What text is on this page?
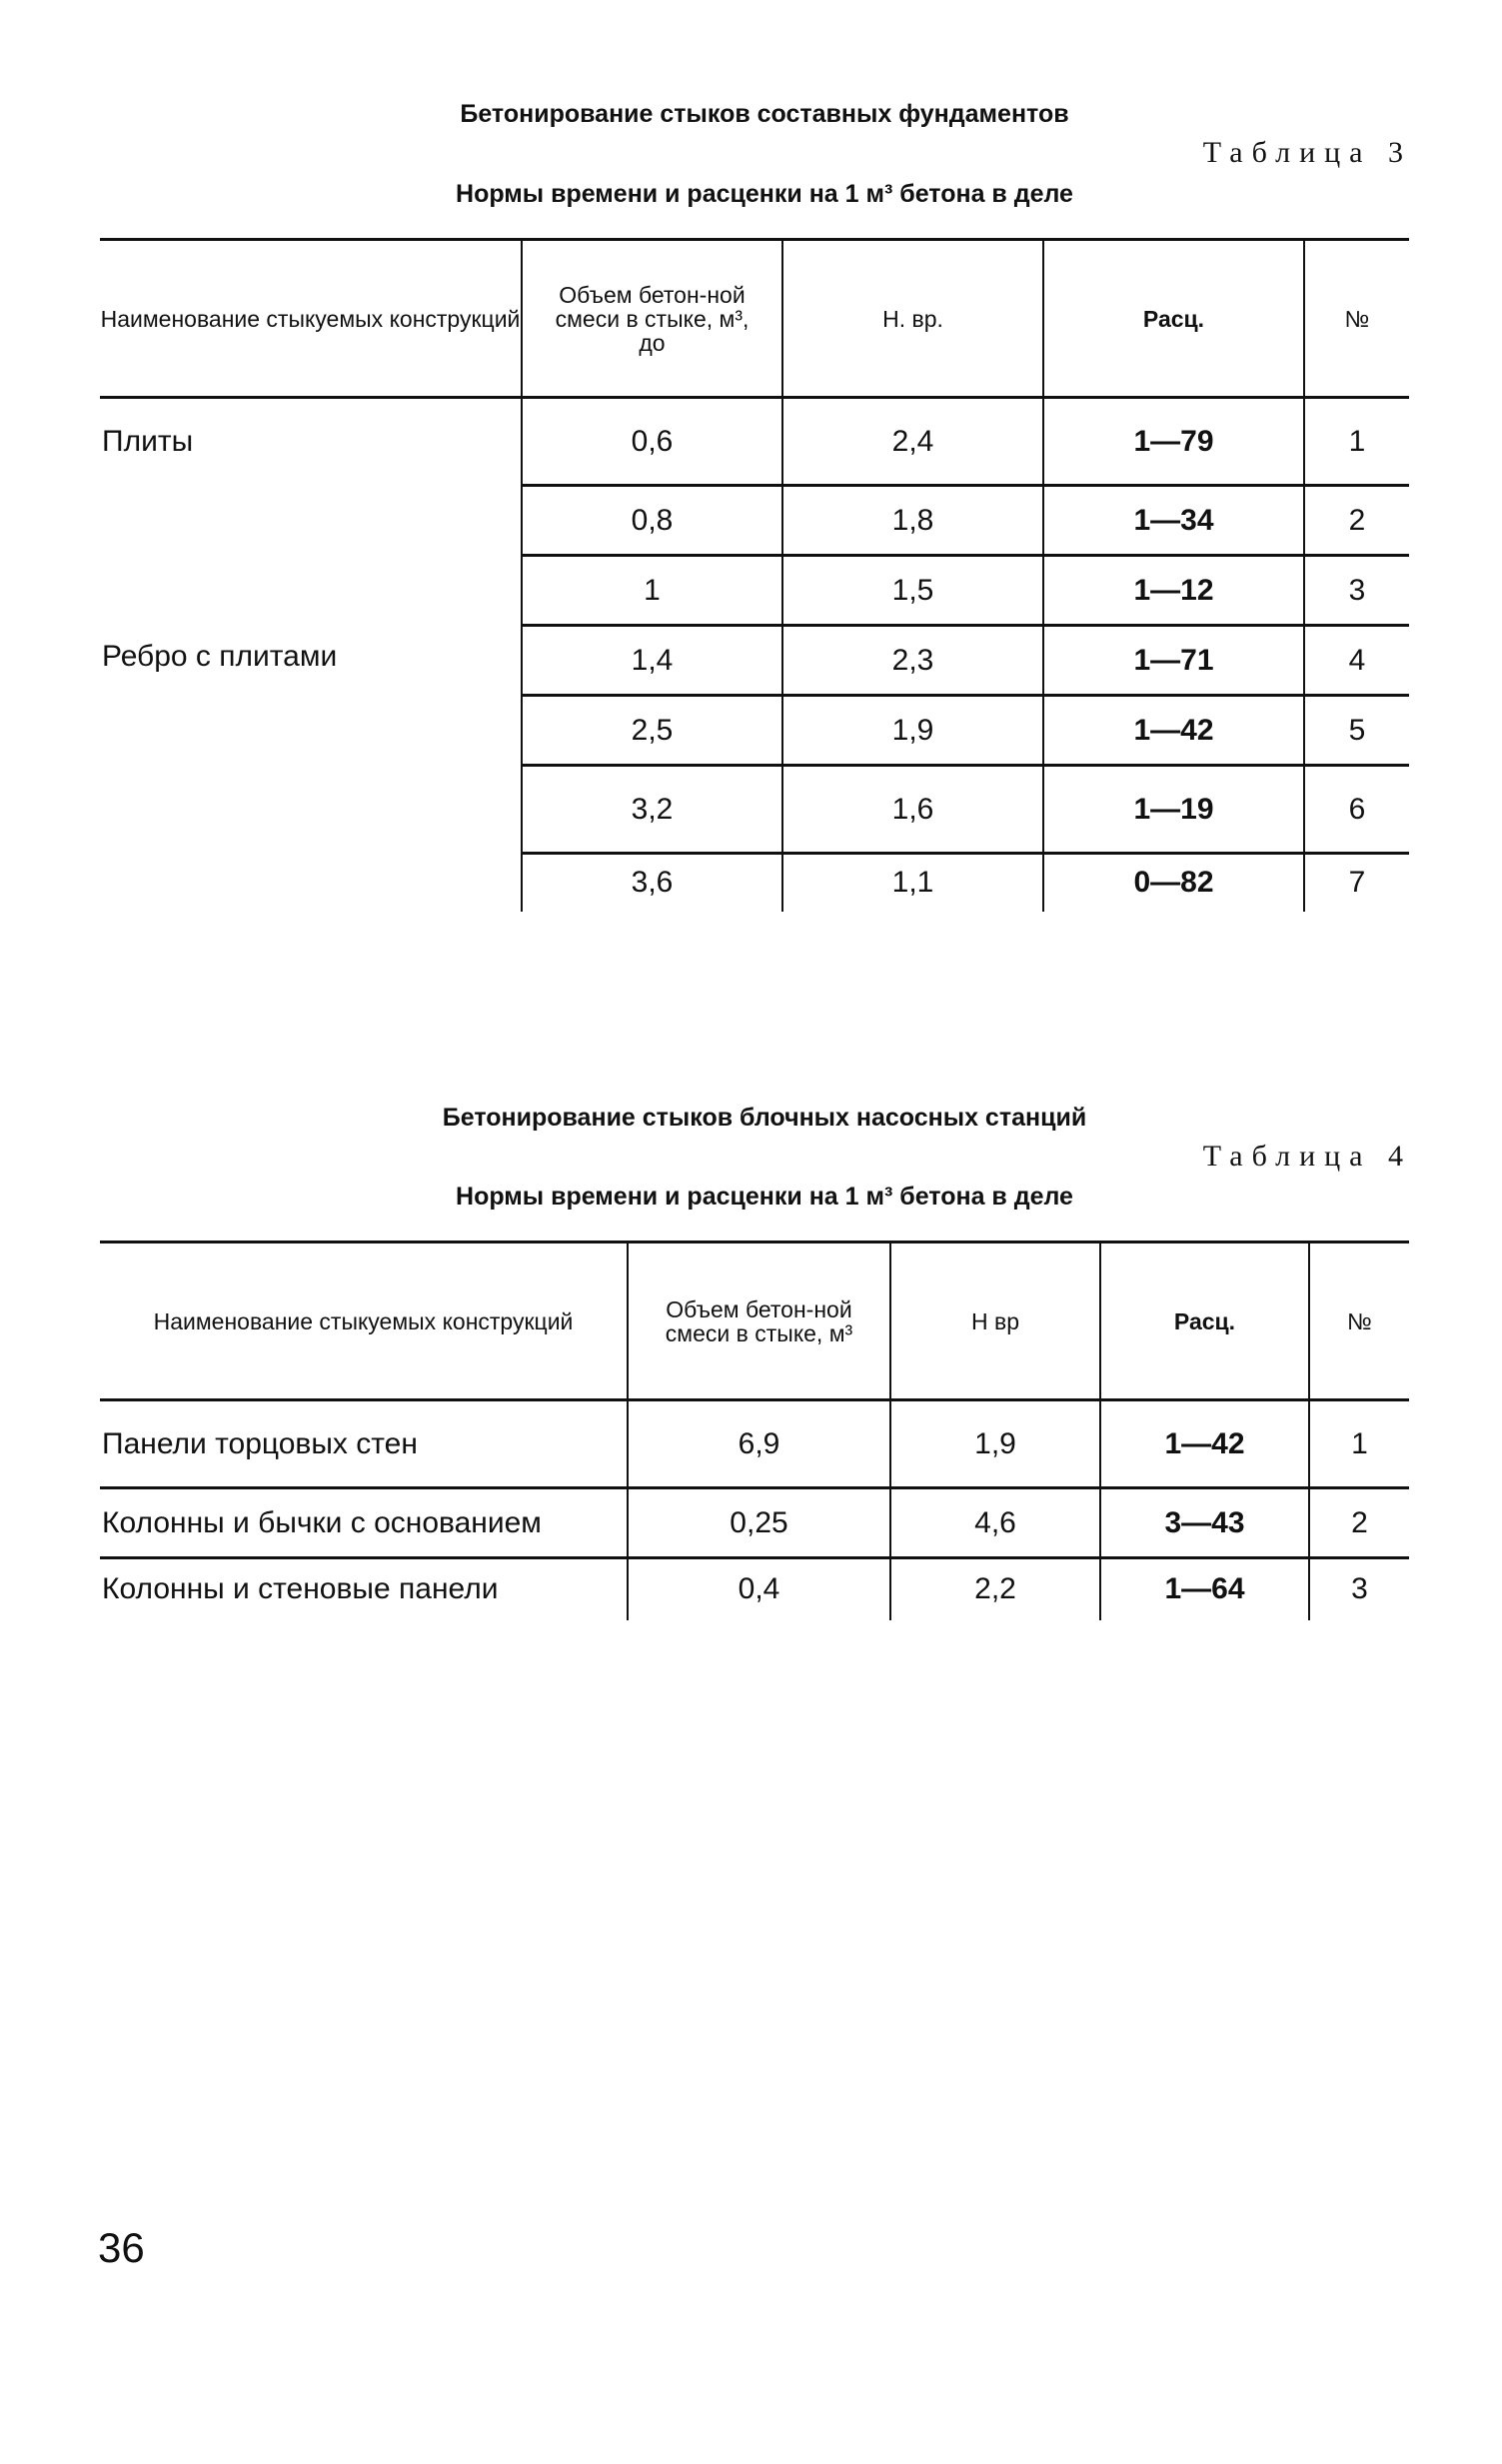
Бетонирование стыков составных фундаментов
Таблица 3
Нормы времени и расценки на 1 м³ бетона в деле
Наименование стыкуемых конструкций	Объем бетон-ной смеси в стыке, м³, до	Н. вр.	Расц.	№
Плиты	0,6	2,4	1—79	1
	0,8	1,8	1—34	2
	1	1,5	1—12	3
Ребро с плитами	1,4	2,3	1—71	4
	2,5	1,9	1—42	5
	3,2	1,6	1—19	6
	3,6	1,1	0—82	7
Бетонирование стыков блочных насосных станций
Таблица 4
Нормы времени и расценки на 1 м³ бетона в деле
Наименование стыкуемых конструкций	Объем бетон-ной смеси в стыке, м³	Н вр	Расц.	№
Панели торцовых стен	6,9	1,9	1—42	1
Колонны и бычки с основанием	0,25	4,6	3—43	2
Колонны и стеновые панели	0,4	2,2	1—64	3
36
